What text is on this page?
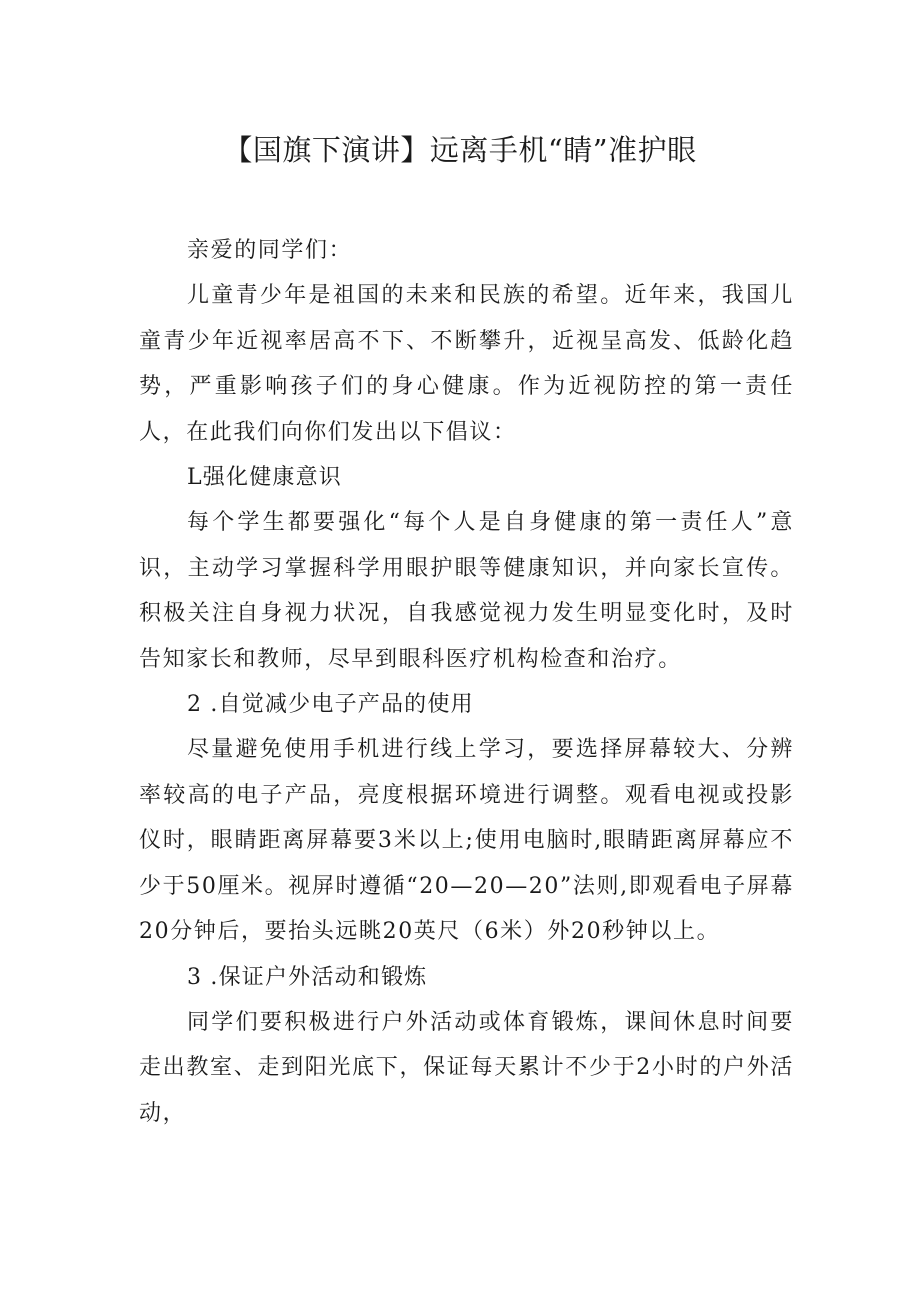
【国旗下演讲】远离手机“睛”准护眼

亲爱的同学们：

儿童青少年是祖国的未来和民族的希望。近年来，我国儿童青少年近视率居高不下、不断攀升，近视呈高发、低龄化趋势，严重影响孩子们的身心健康。作为近视防控的第一责任人，在此我们向你们发出以下倡议：

L强化健康意识

每个学生都要强化“每个人是自身健康的第一责任人”意识，主动学习掌握科学用眼护眼等健康知识，并向家长宣传。积极关注自身视力状况，自我感觉视力发生明显变化时，及时告知家长和教师，尽早到眼科医疗机构检查和治疗。

2 .自觉减少电子产品的使用

尽量避免使用手机进行线上学习，要选择屏幕较大、分辨率较高的电子产品，亮度根据环境进行调整。观看电视或投影仪时，眼睛距离屏幕要3米以上;使用电脑时,眼睛距离屏幕应不少于50厘米。视屏时遵循“20—20—20”法则,即观看电子屏幕20分钟后，要抬头远眺20英尺（6米）外20秒钟以上。

3 .保证户外活动和锻炼

同学们要积极进行户外活动或体育锻炼，课间休息时间要走出教室、走到阳光底下，保证每天累计不少于2小时的户外活动，
